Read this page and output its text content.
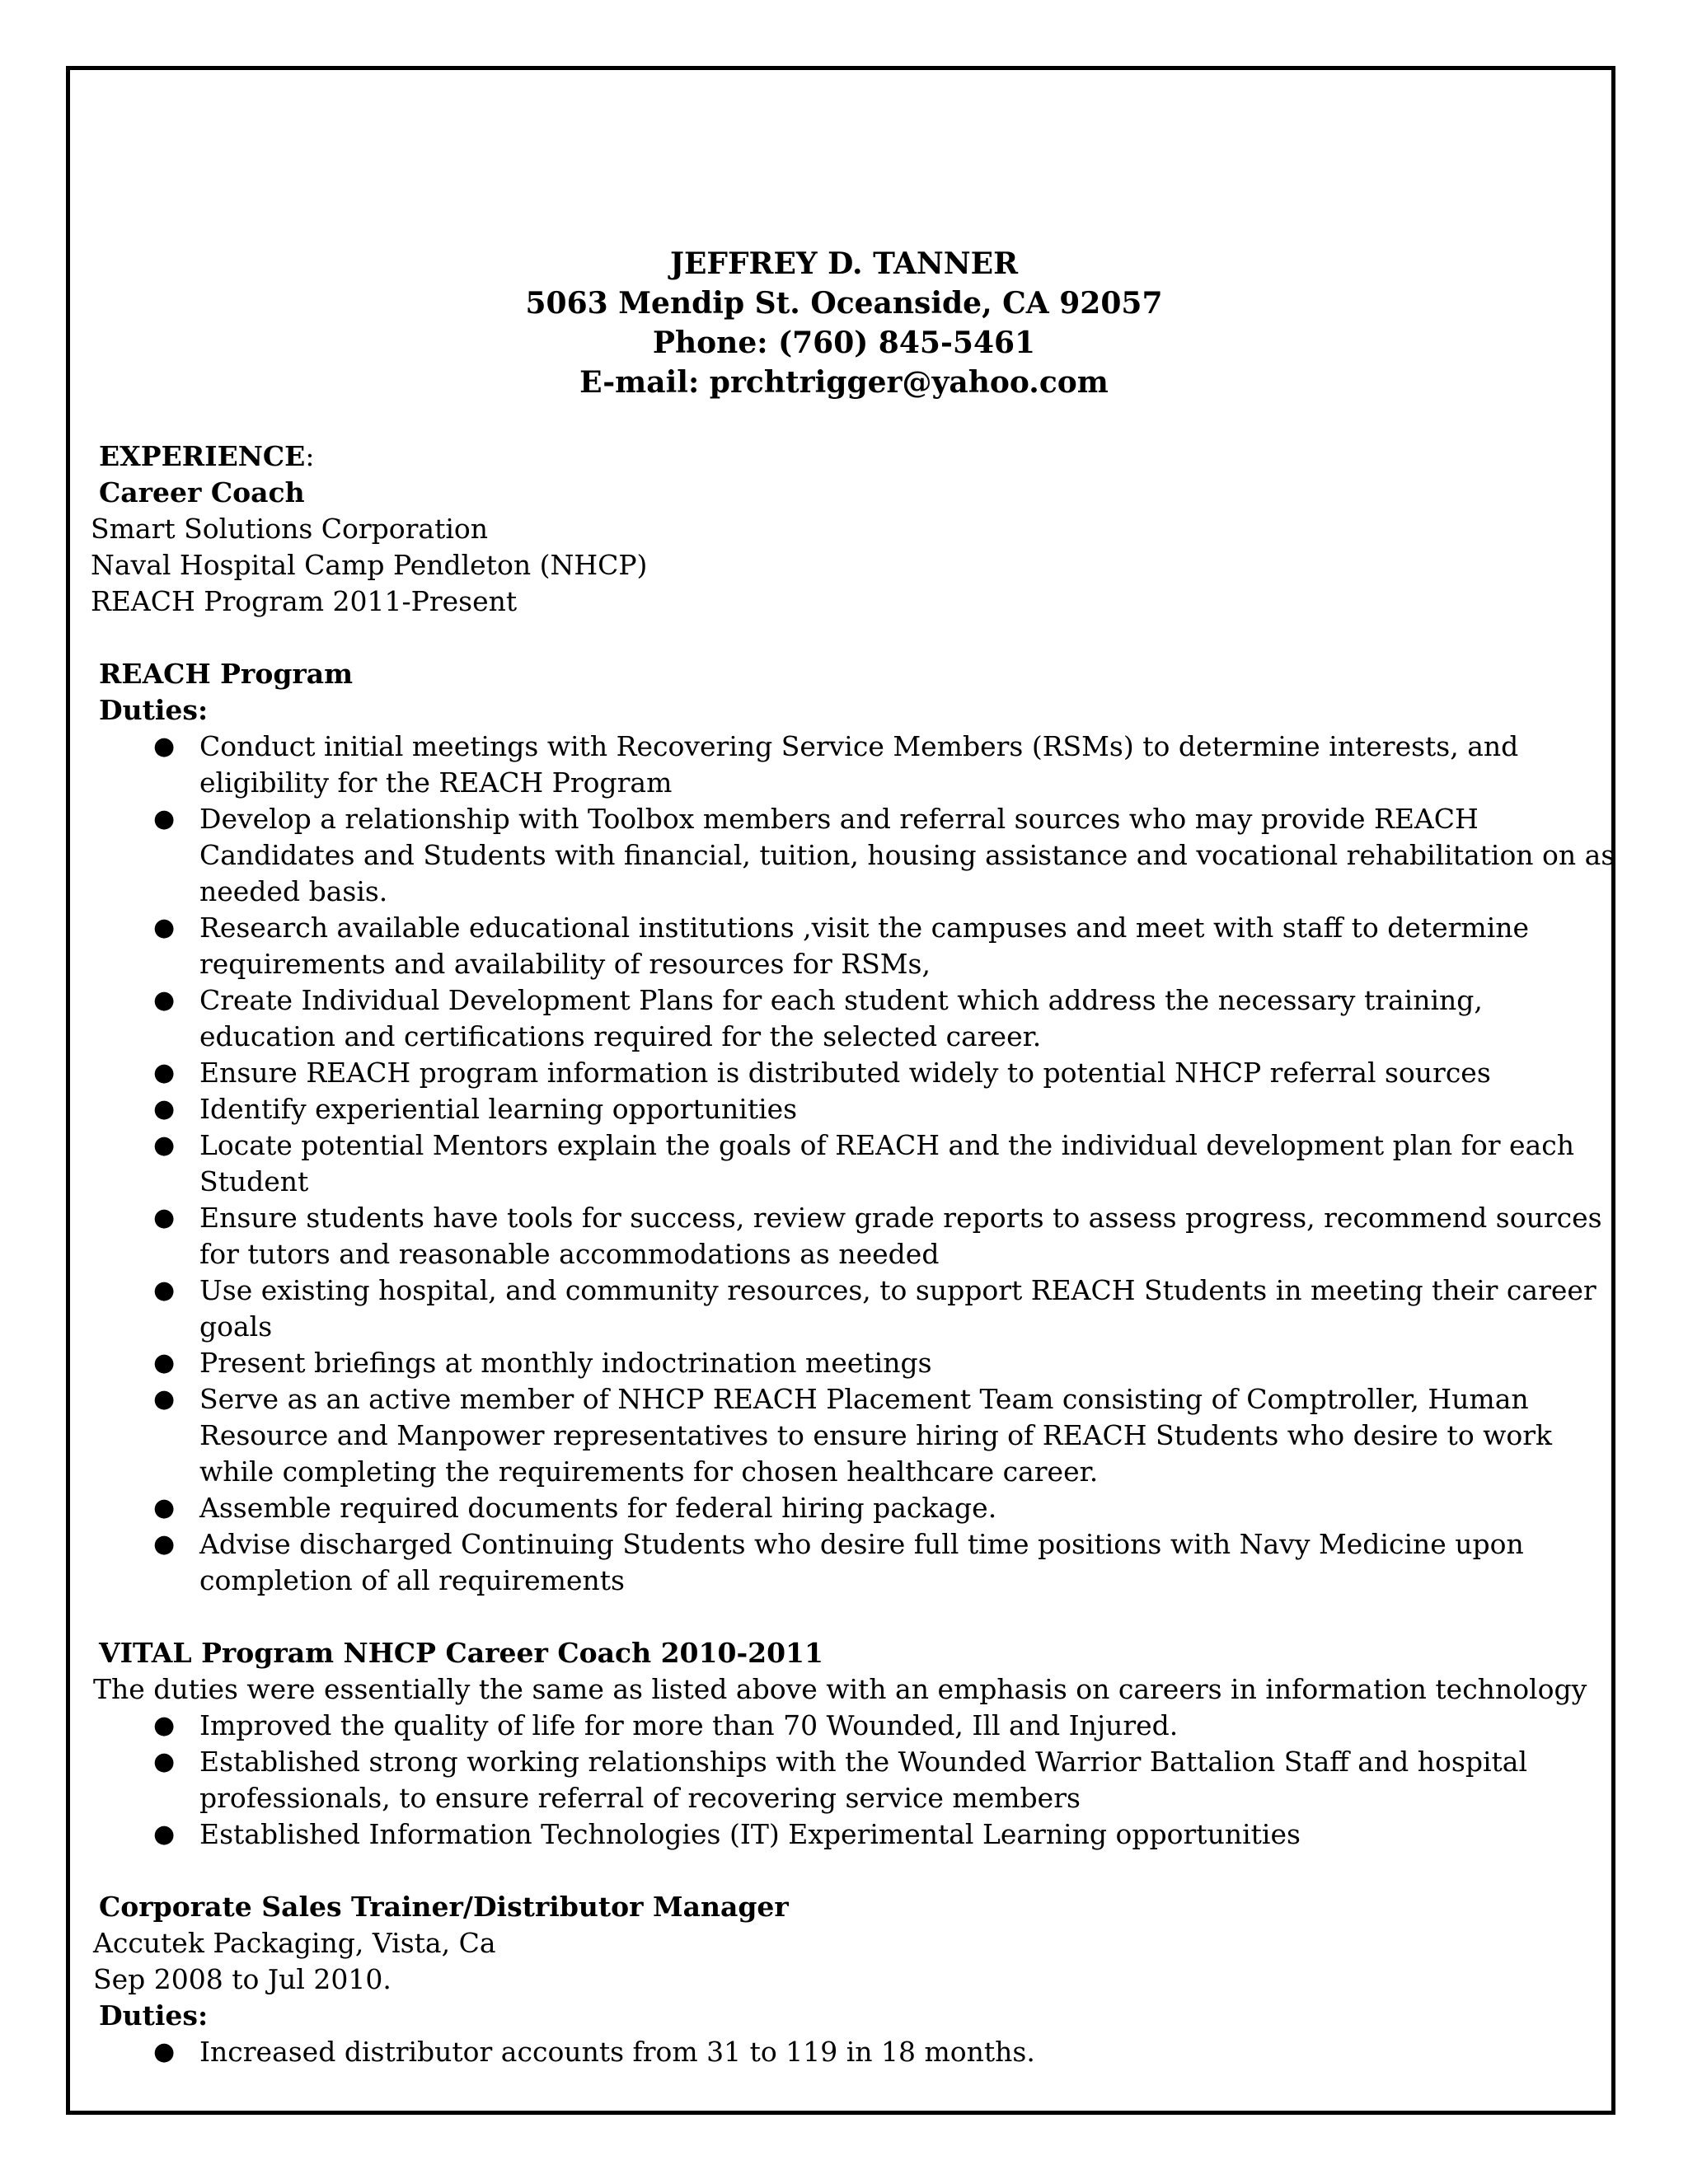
JEFFREY D. TANNER
5063 Mendip St. Oceanside, CA 92057
Phone: (760) 845-5461
E-mail: prchtrigger@yahoo.com
EXPERIENCE:
Career Coach
Smart Solutions Corporation
Naval Hospital Camp Pendleton (NHCP)
REACH Program 2011-Present
REACH Program
Duties:
● Conduct initial meetings with Recovering Service Members (RSMs) to determine interests, and eligibility for the REACH Program
● Develop a relationship with Toolbox members and referral sources who may provide REACH Candidates and Students with financial, tuition, housing assistance and vocational rehabilitation on as needed basis.
● Research available educational institutions ,visit the campuses and meet with staff to determine requirements and availability of resources for RSMs,
● Create Individual Development Plans for each student which address the necessary training, education and certifications required for the selected career.
● Ensure REACH program information is distributed widely to potential NHCP referral sources
● Identify experiential learning opportunities
● Locate potential Mentors explain the goals of REACH and the individual development plan for each Student
● Ensure students have tools for success, review grade reports to assess progress, recommend sources for tutors and reasonable accommodations as needed
● Use existing hospital, and community resources, to support REACH Students in meeting their career goals
● Present briefings at monthly indoctrination meetings
● Serve as an active member of NHCP REACH Placement Team consisting of Comptroller, Human Resource and Manpower representatives to ensure hiring of REACH Students who desire to work while completing the requirements for chosen healthcare career.
● Assemble required documents for federal hiring package.
● Advise discharged Continuing Students who desire full time positions with Navy Medicine upon completion of all requirements
VITAL Program NHCP Career Coach 2010-2011
The duties were essentially the same as listed above with an emphasis on careers in information technology
● Improved the quality of life for more than 70 Wounded, Ill and Injured.
● Established strong working relationships with the Wounded Warrior Battalion Staff and hospital professionals, to ensure referral of recovering service members
● Established Information Technologies (IT) Experimental Learning opportunities
Corporate Sales Trainer/Distributor Manager
Accutek Packaging, Vista, Ca
Sep 2008 to Jul 2010.
Duties:
● Increased distributor accounts from 31 to 119 in 18 months.
